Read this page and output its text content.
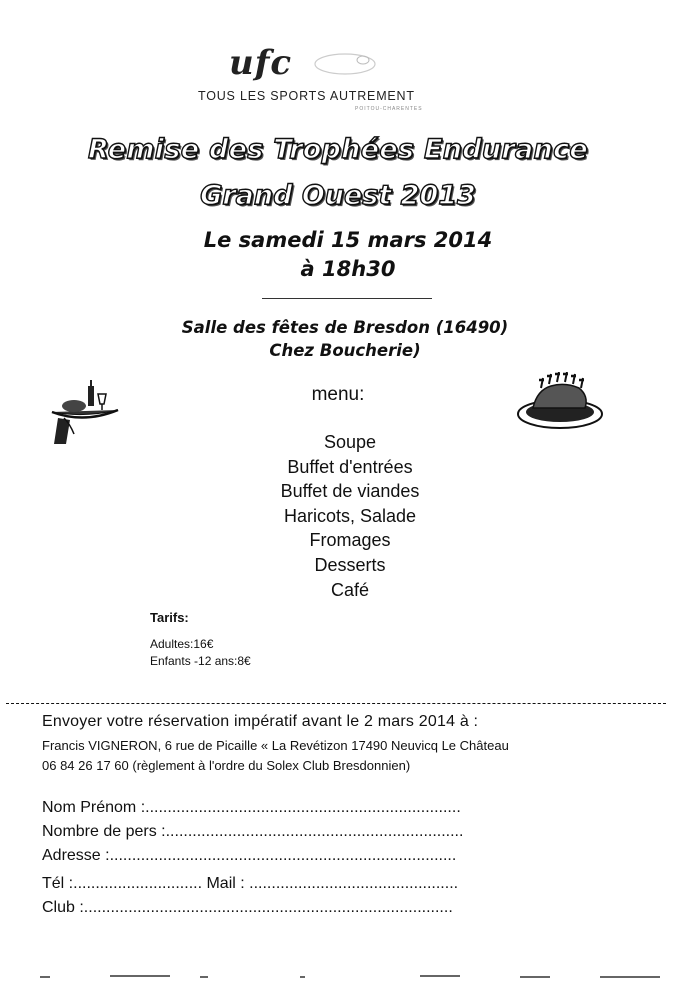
ufc
TOUS LES SPORTS AUTREMENT
POITOU-CHARENTES
Remise des Trophées Endurance
Grand Ouest 2013
Le samedi 15 mars 2014
à 18h30
Salle des fêtes de Bresdon (16490)
Chez Boucherie)
menu:
Soupe
Buffet d'entrées
Buffet de viandes
Haricots, Salade
Fromages
Desserts
Café
Tarifs:
Adultes:16€
Enfants -12 ans:8€
Envoyer votre réservation impératif avant le 2 mars 2014 à :
Francis VIGNERON, 6 rue de Picaille « La Revétizon 17490 Neuvicq Le Château
06 84 26 17 60 (règlement à l'ordre du Solex Club Bresdonnien)
Nom Prénom :.......................................................................
Nombre de pers :...................................................................
Adresse :..............................................................................
Tél :............................. Mail : ...............................................
Club :...................................................................................
